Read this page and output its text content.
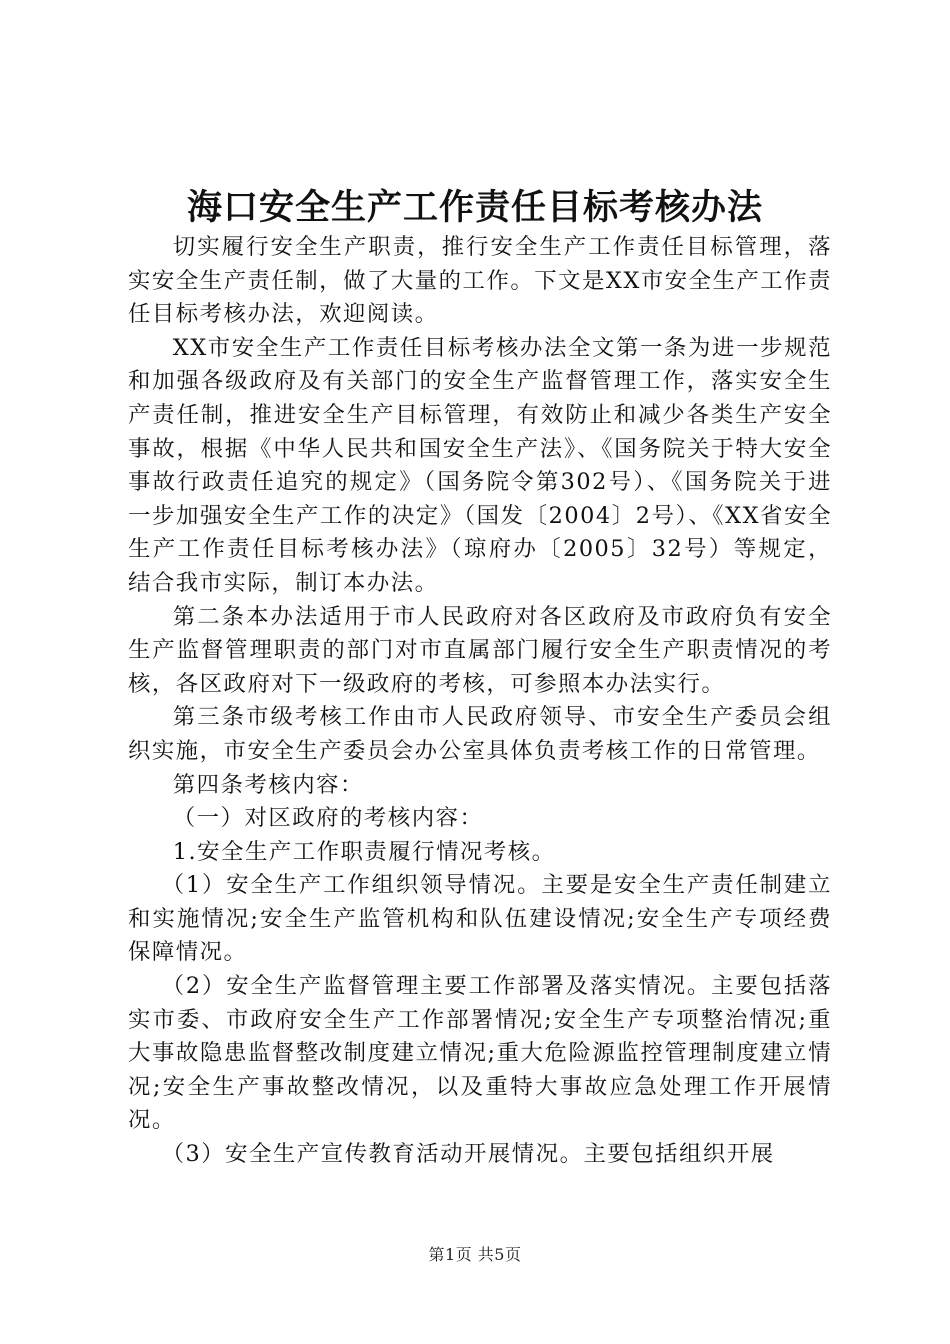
海口安全生产工作责任目标考核办法

切实履行安全生产职责，推行安全生产工作责任目标管理，落实安全生产责任制，做了大量的工作。下文是XX市安全生产工作责任目标考核办法，欢迎阅读。

XX市安全生产工作责任目标考核办法全文第一条为进一步规范和加强各级政府及有关部门的安全生产监督管理工作，落实安全生产责任制，推进安全生产目标管理，有效防止和减少各类生产安全事故，根据《中华人民共和国安全生产法》、《国务院关于特大安全事故行政责任追究的规定》（国务院令第302号）、《国务院关于进一步加强安全生产工作的决定》（国发〔2004〕2号）、《XX省安全生产工作责任目标考核办法》（琼府办〔2005〕32号）等规定，结合我市实际，制订本办法。

第二条本办法适用于市人民政府对各区政府及市政府负有安全生产监督管理职责的部门对市直属部门履行安全生产职责情况的考核，各区政府对下一级政府的考核，可参照本办法实行。

第三条市级考核工作由市人民政府领导、市安全生产委员会组织实施，市安全生产委员会办公室具体负责考核工作的日常管理。

第四条考核内容：

（一）对区政府的考核内容：

1.安全生产工作职责履行情况考核。

（1）安全生产工作组织领导情况。主要是安全生产责任制建立和实施情况;安全生产监管机构和队伍建设情况;安全生产专项经费保障情况。

（2）安全生产监督管理主要工作部署及落实情况。主要包括落实市委、市政府安全生产工作部署情况;安全生产专项整治情况;重大事故隐患监督整改制度建立情况;重大危险源监控管理制度建立情况;安全生产事故整改情况，以及重特大事故应急处理工作开展情况。

（3）安全生产宣传教育活动开展情况。主要包括组织开展

第1页 共5页
